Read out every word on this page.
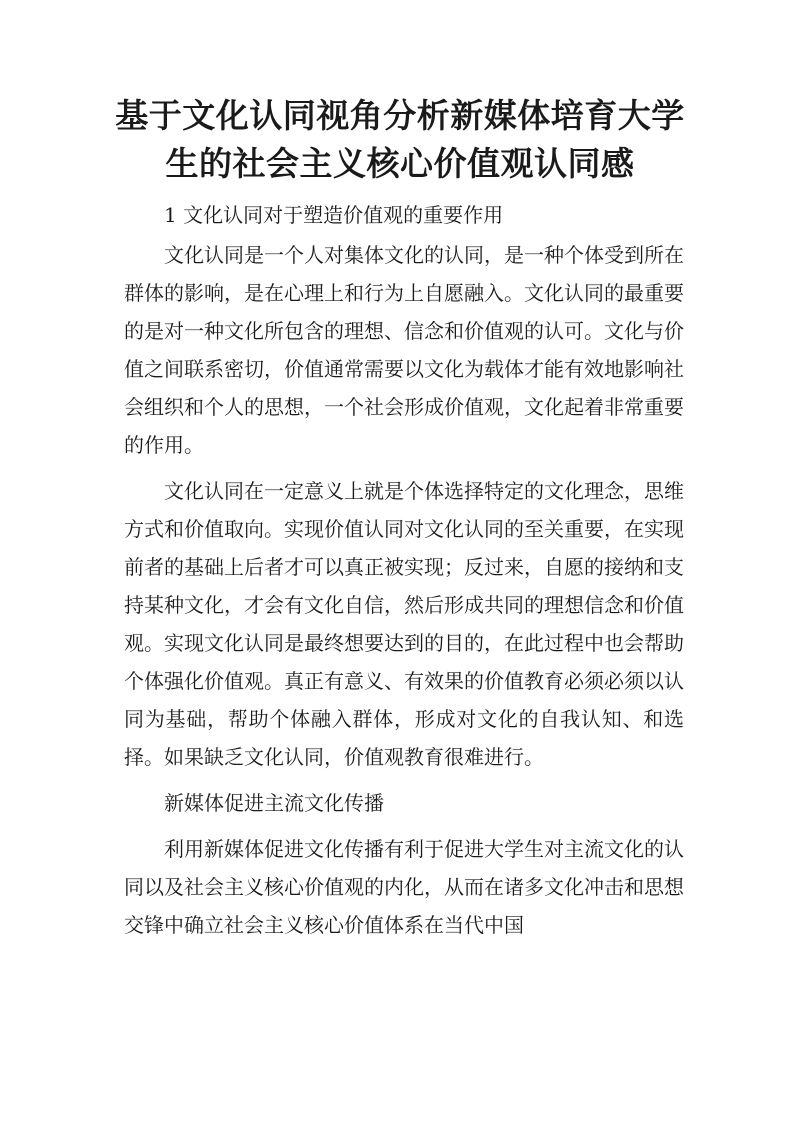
基于文化认同视角分析新媒体培育大学生的社会主义核心价值观认同感

1 文化认同对于塑造价值观的重要作用

文化认同是一个人对集体文化的认同，是一种个体受到所在群体的影响，是在心理上和行为上自愿融入。文化认同的最重要的是对一种文化所包含的理想、信念和价值观的认可。文化与价值之间联系密切，价值通常需要以文化为载体才能有效地影响社会组织和个人的思想，一个社会形成价值观，文化起着非常重要的作用。

文化认同在一定意义上就是个体选择特定的文化理念，思维方式和价值取向。实现价值认同对文化认同的至关重要，在实现前者的基础上后者才可以真正被实现；反过来，自愿的接纳和支持某种文化，才会有文化自信，然后形成共同的理想信念和价值观。实现文化认同是最终想要达到的目的，在此过程中也会帮助个体强化价值观。真正有意义、有效果的价值教育必须必须以认同为基础，帮助个体融入群体，形成对文化的自我认知、和选择。如果缺乏文化认同，价值观教育很难进行。

新媒体促进主流文化传播

利用新媒体促进文化传播有利于促进大学生对主流文化的认同以及社会主义核心价值观的内化，从而在诸多文化冲击和思想交锋中确立社会主义核心价值体系在当代中国
